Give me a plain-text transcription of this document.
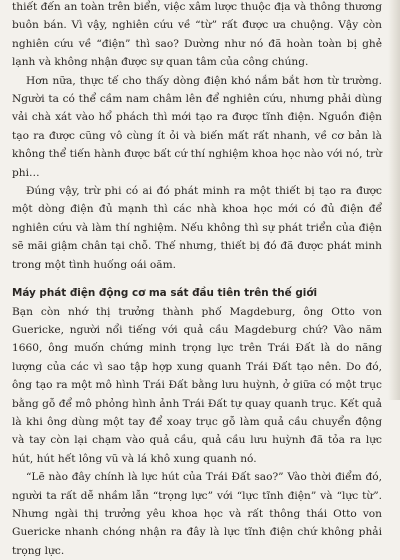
thiết đến an toàn trên biển, việc xâm lược thuộc địa và thông thương buôn bán. Vì vậy, nghiên cứu về “từ” rất được ưa chuộng. Vậy còn nghiên cứu về “điện” thì sao? Dường như nó đã hoàn toàn bị ghẻ lạnh và không nhận được sự quan tâm của công chúng.

Hơn nữa, thực tế cho thấy dòng điện khó nắm bắt hơn từ trường. Người ta có thể cầm nam châm lên để nghiên cứu, nhưng phải dùng vải chà xát vào hổ phách thì mới tạo ra được tĩnh điện. Nguồn điện tạo ra được cũng vô cùng ít ỏi và biến mất rất nhanh, về cơ bản là không thể tiến hành được bất cứ thí nghiệm khoa học nào với nó, trừ phi…

Đúng vậy, trừ phi có ai đó phát minh ra một thiết bị tạo ra được một dòng điện đủ mạnh thì các nhà khoa học mới có đủ điện để nghiên cứu và làm thí nghiệm. Nếu không thì sự phát triển của điện sẽ mãi giậm chân tại chỗ. Thế nhưng, thiết bị đó đã được phát minh trong một tình huống oái oăm.

Máy phát điện động cơ ma sát đầu tiên trên thế giới

Bạn còn nhớ thị trưởng thành phố Magdeburg, ông Otto von Guericke, người nổi tiếng với quả cầu Magdeburg chứ? Vào năm 1660, ông muốn chứng minh trọng lực trên Trái Đất là do năng lượng của các vì sao tập hợp xung quanh Trái Đất tạo nên. Do đó, ông tạo ra một mô hình Trái Đất bằng lưu huỳnh, ở giữa có một trục bằng gỗ để mô phỏng hình ảnh Trái Đất tự quay quanh trục. Kết quả là khi ông dùng một tay để xoay trục gỗ làm quả cầu chuyển động và tay còn lại chạm vào quả cầu, quả cầu lưu huỳnh đã tỏa ra lực hút, hút hết lông vũ và lá khô xung quanh nó.

“Lẽ nào đây chính là lực hút của Trái Đất sao?” Vào thời điểm đó, người ta rất dễ nhầm lẫn “trọng lực” với “lực tĩnh điện” và “lực từ”. Nhưng ngài thị trưởng yêu khoa học và rất thông thái Otto von Guericke nhanh chóng nhận ra đây là lực tĩnh điện chứ không phải trọng lực.
